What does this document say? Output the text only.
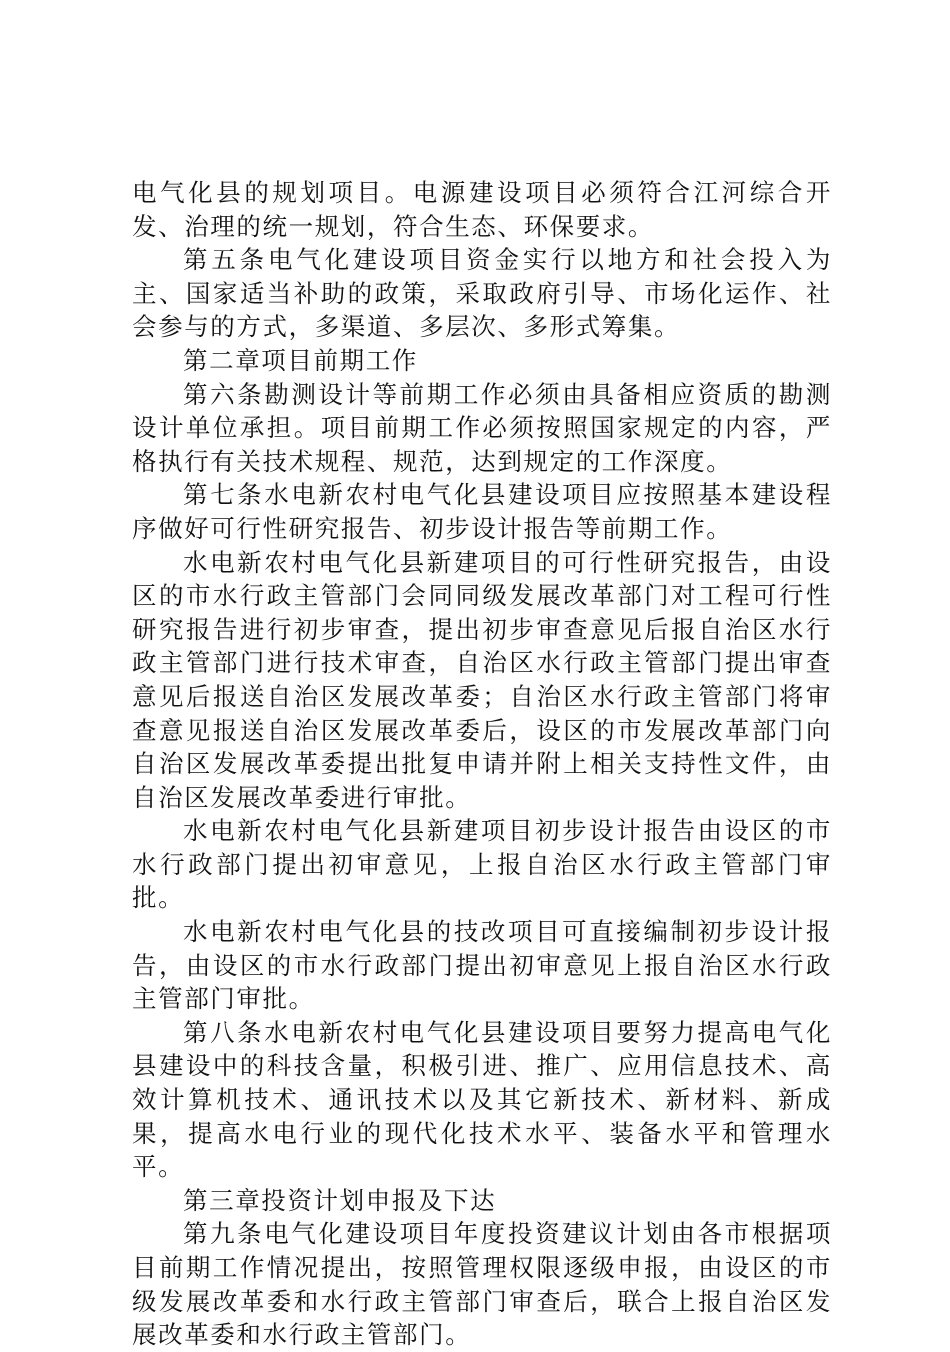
电气化县的规划项目。电源建设项目必须符合江河综合开发、治理的统一规划，符合生态、环保要求。

第五条电气化建设项目资金实行以地方和社会投入为主、国家适当补助的政策，采取政府引导、市场化运作、社会参与的方式，多渠道、多层次、多形式筹集。

第二章项目前期工作

第六条勘测设计等前期工作必须由具备相应资质的勘测设计单位承担。项目前期工作必须按照国家规定的内容，严格执行有关技术规程、规范，达到规定的工作深度。

第七条水电新农村电气化县建设项目应按照基本建设程序做好可行性研究报告、初步设计报告等前期工作。

水电新农村电气化县新建项目的可行性研究报告，由设区的市水行政主管部门会同同级发展改革部门对工程可行性研究报告进行初步审查，提出初步审查意见后报自治区水行政主管部门进行技术审查，自治区水行政主管部门提出审查意见后报送自治区发展改革委；自治区水行政主管部门将审查意见报送自治区发展改革委后，设区的市发展改革部门向自治区发展改革委提出批复申请并附上相关支持性文件，由自治区发展改革委进行审批。

水电新农村电气化县新建项目初步设计报告由设区的市水行政部门提出初审意见，上报自治区水行政主管部门审批。

水电新农村电气化县的技改项目可直接编制初步设计报告，由设区的市水行政部门提出初审意见上报自治区水行政主管部门审批。

第八条水电新农村电气化县建设项目要努力提高电气化县建设中的科技含量，积极引进、推广、应用信息技术、高效计算机技术、通讯技术以及其它新技术、新材料、新成果，提高水电行业的现代化技术水平、装备水平和管理水平。

第三章投资计划申报及下达

第九条电气化建设项目年度投资建议计划由各市根据项目前期工作情况提出，按照管理权限逐级申报，由设区的市级发展改革委和水行政主管部门审查后，联合上报自治区发展改革委和水行政主管部门。
